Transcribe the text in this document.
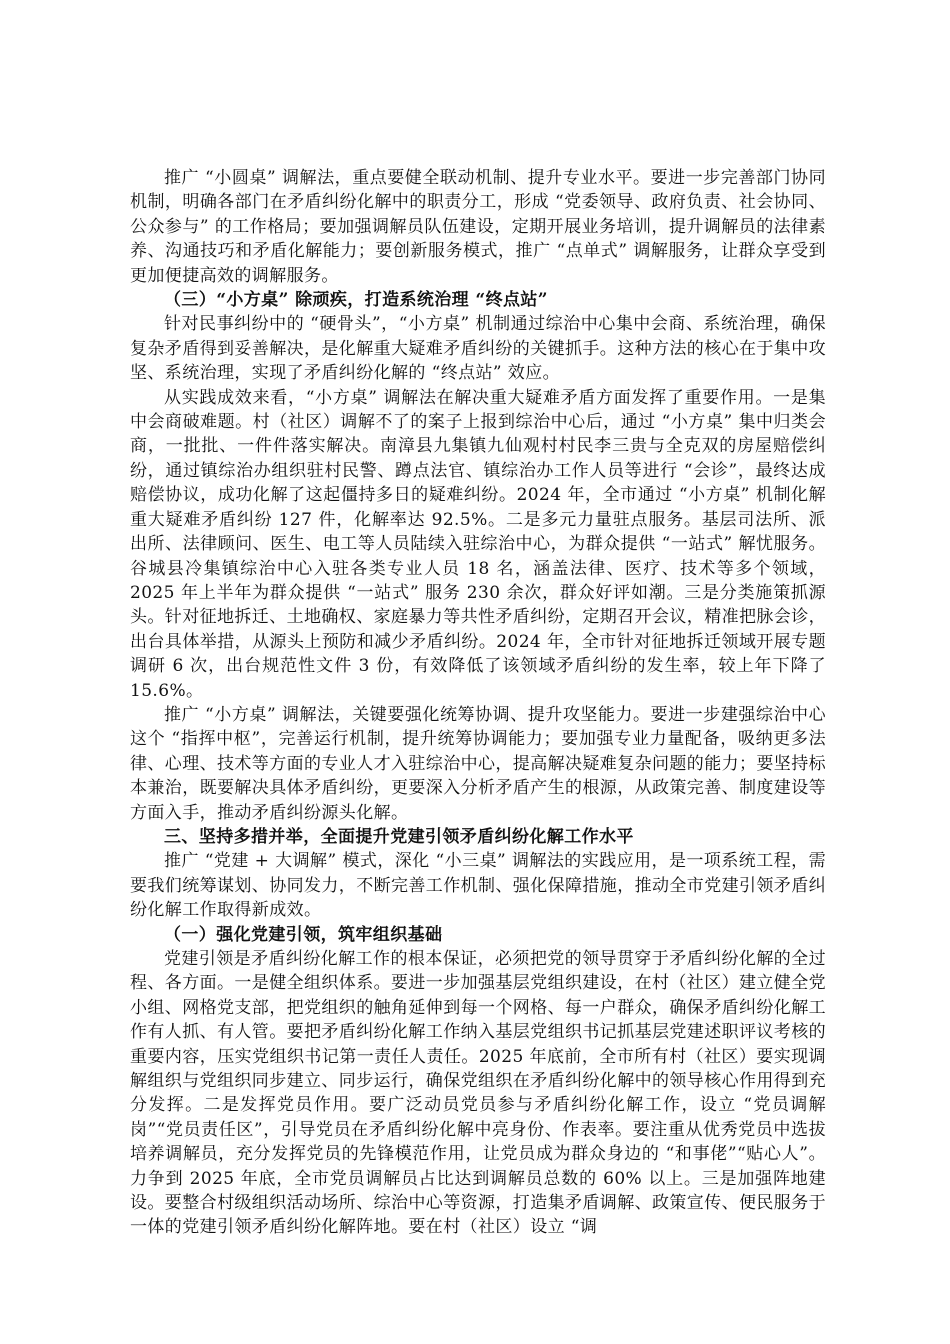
推广 “小圆桌” 调解法，重点要健全联动机制、提升专业水平。要进一步完善部门协同机制，明确各部门在矛盾纠纷化解中的职责分工，形成 “党委领导、政府负责、社会协同、公众参与” 的工作格局；要加强调解员队伍建设，定期开展业务培训，提升调解员的法律素养、沟通技巧和矛盾化解能力；要创新服务模式，推广 “点单式” 调解服务，让群众享受到更加便捷高效的调解服务。

（三）“小方桌” 除顽疾，打造系统治理 “终点站”

针对民事纠纷中的 “硬骨头”，“小方桌” 机制通过综治中心集中会商、系统治理，确保复杂矛盾得到妥善解决，是化解重大疑难矛盾纠纷的关键抓手。这种方法的核心在于集中攻坚、系统治理，实现了矛盾纠纷化解的 “终点站” 效应。

从实践成效来看，“小方桌” 调解法在解决重大疑难矛盾方面发挥了重要作用。一是集中会商破难题。村（社区）调解不了的案子上报到综治中心后，通过 “小方桌” 集中归类会商，一批批、一件件落实解决。南漳县九集镇九仙观村村民李三贵与全克双的房屋赔偿纠纷，通过镇综治办组织驻村民警、蹲点法官、镇综治办工作人员等进行 “会诊”，最终达成赔偿协议，成功化解了这起僵持多日的疑难纠纷。2024 年，全市通过 “小方桌” 机制化解重大疑难矛盾纠纷 127 件，化解率达 92.5%。二是多元力量驻点服务。基层司法所、派出所、法律顾问、医生、电工等人员陆续入驻综治中心，为群众提供 “一站式” 解忧服务。谷城县冷集镇综治中心入驻各类专业人员 18 名，涵盖法律、医疗、技术等多个领域，2025 年上半年为群众提供 “一站式” 服务 230 余次，群众好评如潮。三是分类施策抓源头。针对征地拆迁、土地确权、家庭暴力等共性矛盾纠纷，定期召开会议，精准把脉会诊，出台具体举措，从源头上预防和减少矛盾纠纷。2024 年，全市针对征地拆迁领域开展专题调研 6 次，出台规范性文件 3 份，有效降低了该领域矛盾纠纷的发生率，较上年下降了 15.6%。

推广 “小方桌” 调解法，关键要强化统筹协调、提升攻坚能力。要进一步建强综治中心这个 “指挥中枢”，完善运行机制，提升统筹协调能力；要加强专业力量配备，吸纳更多法律、心理、技术等方面的专业人才入驻综治中心，提高解决疑难复杂问题的能力；要坚持标本兼治，既要解决具体矛盾纠纷，更要深入分析矛盾产生的根源，从政策完善、制度建设等方面入手，推动矛盾纠纷源头化解。

三、坚持多措并举，全面提升党建引领矛盾纠纷化解工作水平

推广 “党建 + 大调解” 模式，深化 “小三桌” 调解法的实践应用，是一项系统工程，需要我们统筹谋划、协同发力，不断完善工作机制、强化保障措施，推动全市党建引领矛盾纠纷化解工作取得新成效。

（一）强化党建引领，筑牢组织基础

党建引领是矛盾纠纷化解工作的根本保证，必须把党的领导贯穿于矛盾纠纷化解的全过程、各方面。一是健全组织体系。要进一步加强基层党组织建设，在村（社区）建立健全党小组、网格党支部，把党组织的触角延伸到每一个网格、每一户群众，确保矛盾纠纷化解工作有人抓、有人管。要把矛盾纠纷化解工作纳入基层党组织书记抓基层党建述职评议考核的重要内容，压实党组织书记第一责任人责任。2025 年底前，全市所有村（社区）要实现调解组织与党组织同步建立、同步运行，确保党组织在矛盾纠纷化解中的领导核心作用得到充分发挥。二是发挥党员作用。要广泛动员党员参与矛盾纠纷化解工作，设立 “党员调解岗”“党员责任区”，引导党员在矛盾纠纷化解中亮身份、作表率。要注重从优秀党员中选拔培养调解员，充分发挥党员的先锋模范作用，让党员成为群众身边的 “和事佬”“贴心人”。力争到 2025 年底，全市党员调解员占比达到调解员总数的 60% 以上。三是加强阵地建设。要整合村级组织活动场所、综治中心等资源，打造集矛盾调解、政策宣传、便民服务于一体的党建引领矛盾纠纷化解阵地。要在村（社区）设立 “调
